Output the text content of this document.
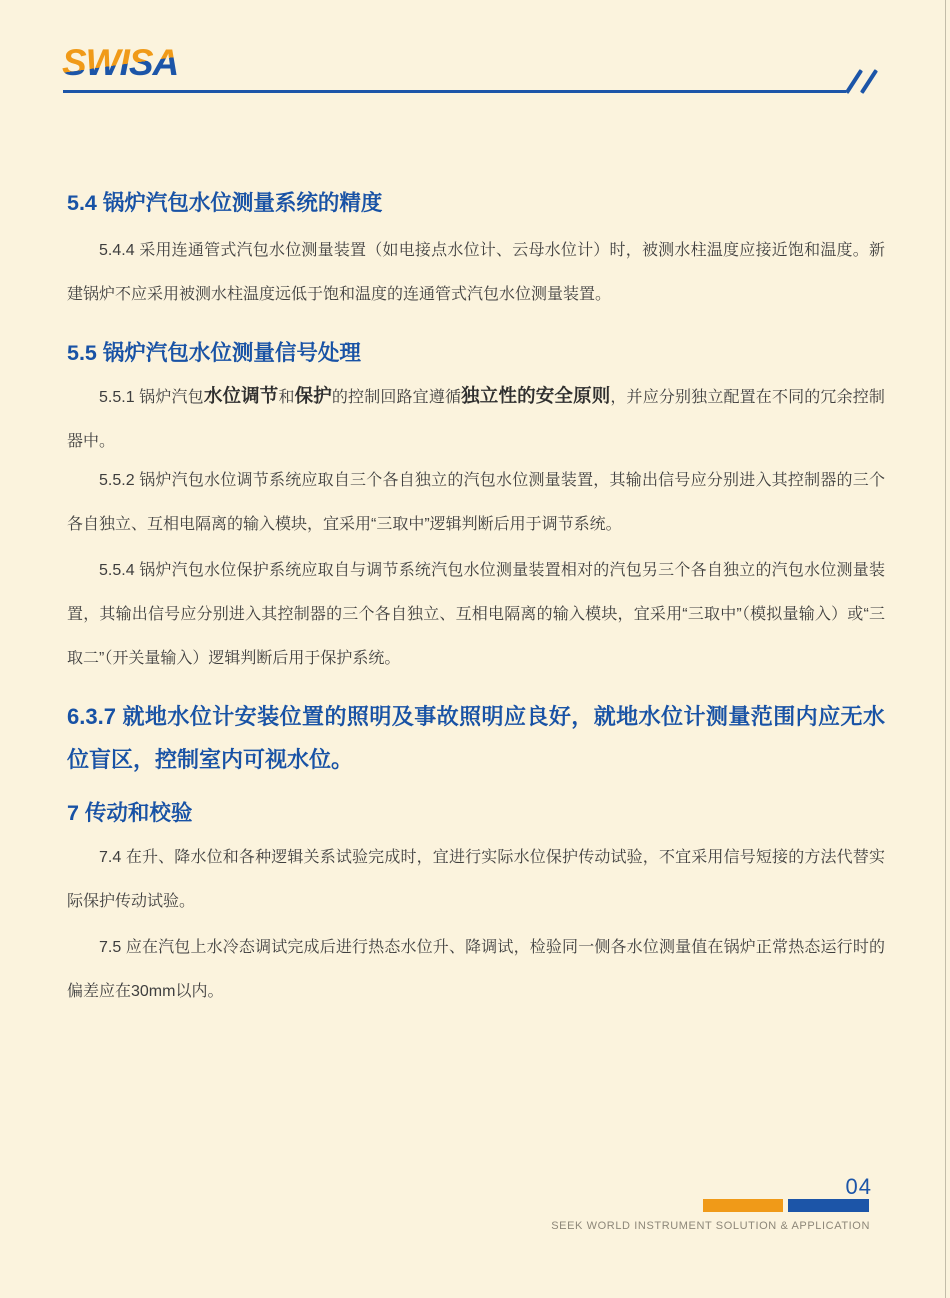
SWISA
5.4 锅炉汽包水位测量系统的精度

5.4.4 采用连通管式汽包水位测量装置（如电接点水位计、云母水位计）时，被测水柱温度应接近饱和温度。新建锅炉不应采用被测水柱温度远低于饱和温度的连通管式汽包水位测量装置。

5.5 锅炉汽包水位测量信号处理

5.5.1 锅炉汽包水位调节和保护的控制回路宜遵循独立性的安全原则，并应分别独立配置在不同的冗余控制器中。

5.5.2 锅炉汽包水位调节系统应取自三个各自独立的汽包水位测量装置，其输出信号应分别进入其控制器的三个各自独立、互相电隔离的输入模块，宜采用“三取中”逻辑判断后用于调节系统。

5.5.4 锅炉汽包水位保护系统应取自与调节系统汽包水位测量装置相对的汽包另三个各自独立的汽包水位测量装置，其输出信号应分别进入其控制器的三个各自独立、互相电隔离的输入模块，宜采用“三取中”（模拟量输入）或“三取二”（开关量输入）逻辑判断后用于保护系统。

6.3.7 就地水位计安装位置的照明及事故照明应良好，就地水位计测量范围内应无水位盲区，控制室内可视水位。
7 传动和校验

7.4 在升、降水位和各种逻辑关系试验完成时，宜进行实际水位保护传动试验，不宜采用信号短接的方法代替实际保护传动试验。

7.5 应在汽包上水冷态调试完成后进行热态水位升、降调试，检验同一侧各水位测量值在锅炉正常热态运行时的偏差应在30mm以内。

04
SEEK WORLD INSTRUMENT SOLUTION & APPLICATION
